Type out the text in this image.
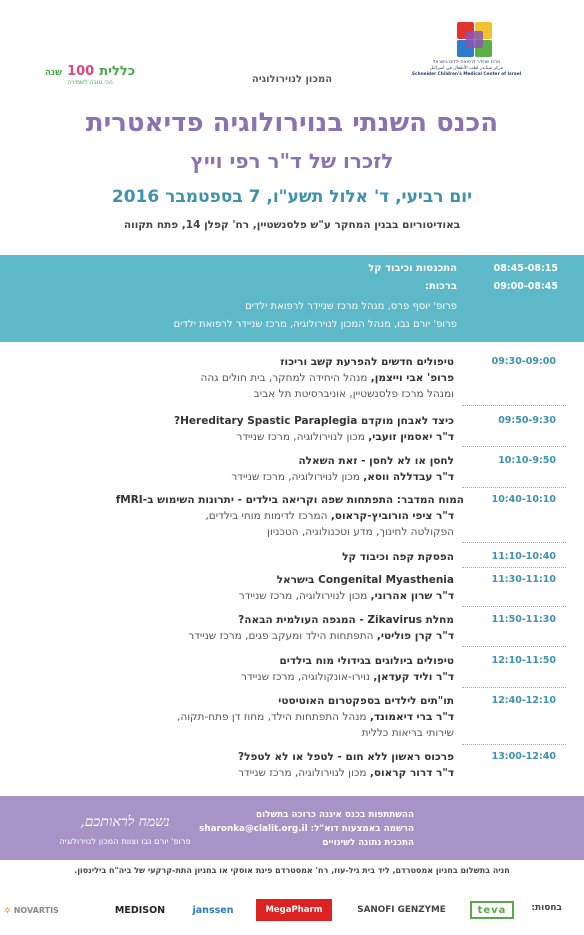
מרכז שניידר לרפואת ילדים בישראל
مركز شنايدر لطب الأطفال في اسرائيل
Schneider Children's Medical Center of Israel
המכון לנוירולוגיה
כללית 100 שנה
הכי טובה לשמירה
הכנס השנתי בנוירולוגיה פדיאטרית
לזכרו של ד"ר רפי וייץ
יום רביעי, ד' אלול תשע"ו, 7 בספטמבר 2016
באודיטוריום בבנין המחקר ע"ש פלסנשטיין, רח' קפלן 14, פתח תקווה
08:45-08:15
התכנסות וכיבוד קל
09:00-08:45
ברכות:
פרופ' יוסף פרס, מנהל מרכז שניידר לרפואת ילדים
פרופ' יורם נבו, מנהל המכון לנוירולוגיה, מרכז שניידר לרפואת ילדים
09:30-09:00
טיפולים חדשים להפרעת קשב וריכוז
פרופ' אבי וייצמן, מנהל היחידה למחקר, בית חולים גהה
ומנהל מרכז פלסנשטיין, אוניברסיטת תל אביב
09:50-9:30
כיצד לאבחן מוקדם Hereditary Spastic Paraplegia?
ד"ר יאסמין זועבי, מכון לנוירולוגיה, מרכז שניידר
10:10-9:50
לחסן או לא לחסן - זאת השאלה
ד"ר עבדללה ווסא, מכון לנוירולוגיה, מרכז שניידר
10:40-10:10
המוח המדבר: התפתחות שפה וקריאה בילדים - יתרונות השימוש ב-fMRI
ד"ר ציפי הורוביץ-קראוס, המרכז לדימות מוחי בילדים,
הפקולטה לחינוך, מדע וטכנולוגיה, הטכניון
11:10-10:40
הפסקת קפה וכיבוד קל
11:30-11:10
Congenital Myasthenia בישראל
ד"ר שרון אהרוני, מכון לנוירולוגיה, מרכז שניידר
11:50-11:30
מחלת Zikavirus - המגפה העולמית הבאה?
ד"ר קרן פוליטי, התפתחות הילד ומעקב פגים, מרכז שניידר
12:10-11:50
טיפולים ביולוגים בגידולי מוח בילדים
ד"ר וליד קעדאן, נוירו-אונקולוגיה, מרכז שניידר
12:40-12:10
תו"תים לילדים בספקטרום האוטיסטי
ד"ר ברי דיאמונד, מנהל התפתחות הילד, מחוז דן פתח-תקוה,
שירותי בריאות כללית
13:00-12:40
פרכוס ראשון ללא חום - לטפל או לא לטפל?
ד"ר דרור קראוס, מכון לנוירולוגיה, מרכז שניידר
ההשתתפות בכנס איננה כרוכה בתשלום
הרשמה באמצעות דוא"ל: sharonka@clalit.org.il
התכנית נתונה לשינויים
נשמח לראותכם,
פרופ' יורם נבו וצוות המכון לנוירולוגיה
חניה בתשלום בחניון אמסטרדם, ליד בית גיל-עוז, רח' אמסטרדם פינת אוסקי או בחניון התת-קרקעי של ביה"ח בילינסון.
בחסות:
teva
SANOFI GENZYME
MegaPharm
janssen
MEDISON
✲ NOVARTIS
